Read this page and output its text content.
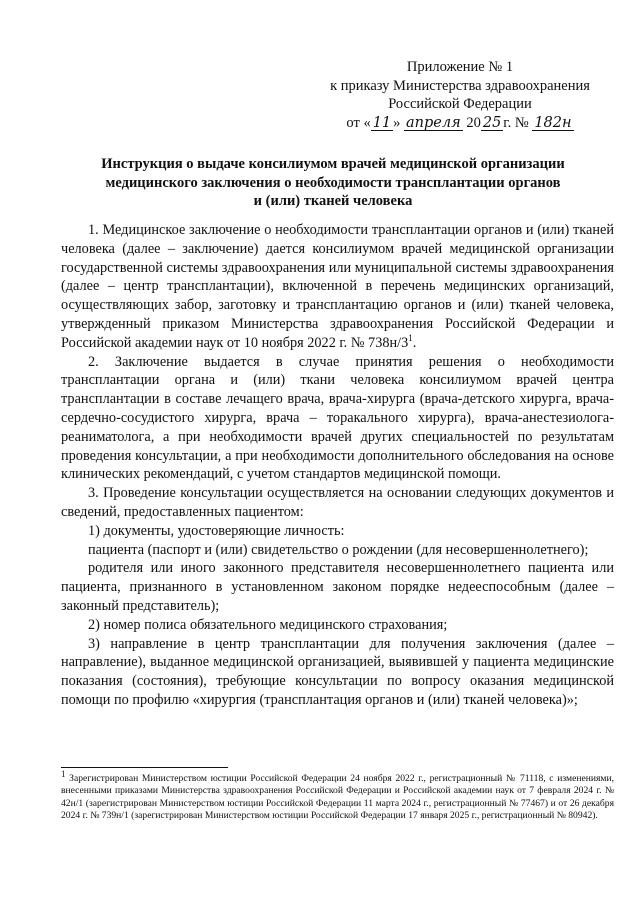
Приложение № 1
к приказу Министерства здравоохранения
Российской Федерации
от « 11 » апреля 20 25 г. № 182н
Инструкция о выдаче консилиумом врачей медицинской организации
медицинского заключения о необходимости трансплантации органов
и (или) тканей человека

1. Медицинское заключение о необходимости трансплантации органов и (или) тканей человека (далее – заключение) дается консилиумом врачей медицинской организации государственной системы здравоохранения или муниципальной системы здравоохранения (далее – центр трансплантации), включенной в перечень медицинских организаций, осуществляющих забор, заготовку и трансплантацию органов и (или) тканей человека, утвержденный приказом Министерства здравоохранения Российской Федерации и Российской академии наук от 10 ноября 2022 г. № $738н/3^1$.

2. Заключение выдается в случае принятия решения о необходимости трансплантации органа и (или) ткани человека консилиумом врачей центра трансплантации в составе лечащего врача, врача-хирурга (врача-детского хирурга, врача-сердечно-сосудистого хирурга, врача – торакального хирурга), врача-анестезиолога-реаниматолога, а при необходимости врачей других специальностей по результатам проведения консультации, а при необходимости дополнительного обследования на основе клинических рекомендаций, с учетом стандартов медицинской помощи.

3. Проведение консультации осуществляется на основании следующих документов и сведений, предоставленных пациентом:

1) документы, удостоверяющие личность:

пациента (паспорт и (или) свидетельство о рождении (для несовершеннолетнего);

родителя или иного законного представителя несовершеннолетнего пациента или пациента, признанного в установленном законом порядке недееспособным (далее – законный представитель);

2) номер полиса обязательного медицинского страхования;

3) направление в центр трансплантации для получения заключения (далее – направление), выданное медицинской организацией, выявившей у пациента медицинские показания (состояния), требующие консультации по вопросу оказания медицинской помощи по профилю «хирургия (трансплантация органов и (или) тканей человека)»;

$^1$ Зарегистрирован Министерством юстиции Российской Федерации 24 ноября 2022 г., регистрационный № 71118, с изменениями, внесенными приказами Министерства здравоохранения Российской Федерации и Российской академии наук от 7 февраля 2024 г. № 42н/1 (зарегистрирован Министерством юстиции Российской Федерации 11 марта 2024 г., регистрационный № 77467) и от 26 декабря 2024 г. № 739н/1 (зарегистрирован Министерством юстиции Российской Федерации 17 января 2025 г., регистрационный № 80942).
